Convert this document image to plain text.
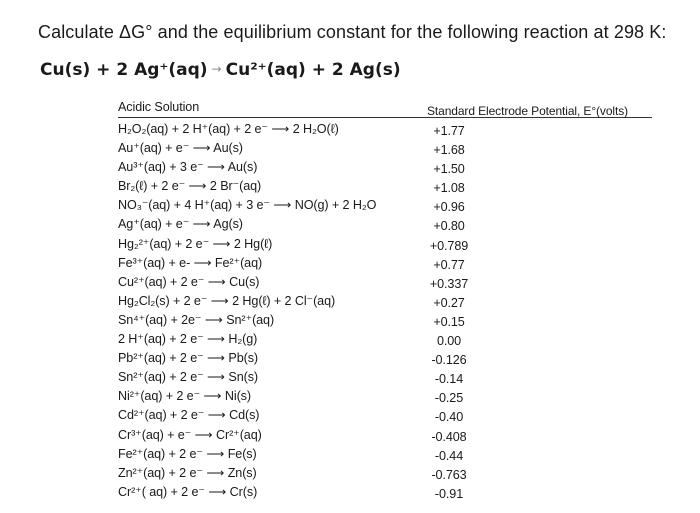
Calculate ΔG° and the equilibrium constant for the following reaction at 298 K:
Cu(s) + 2 Ag⁺(aq) → Cu²⁺(aq) + 2 Ag(s)
Acidic Solution	Standard Electrode Potential, E°(volts)
H₂O₂(aq) + 2 H⁺(aq) + 2 e⁻ ⟶ 2 H₂O(ℓ)	+1.77
Au⁺(aq) + e⁻ ⟶ Au(s)	+1.68
Au³⁺(aq) + 3 e⁻ ⟶ Au(s)	+1.50
Br₂(ℓ) + 2 e⁻ ⟶ 2 Br⁻(aq)	+1.08
NO₃⁻(aq) + 4 H⁺(aq) + 3 e⁻ ⟶ NO(g) + 2 H₂O	+0.96
Ag⁺(aq) + e⁻ ⟶ Ag(s)	+0.80
Hg₂²⁺(aq) + 2 e⁻ ⟶ 2 Hg(ℓ)	+0.789
Fe³⁺(aq) + e- ⟶ Fe²⁺(aq)	+0.77
Cu²⁺(aq) + 2 e⁻ ⟶ Cu(s)	+0.337
Hg₂Cl₂(s) + 2 e⁻ ⟶ 2 Hg(ℓ) + 2 Cl⁻(aq)	+0.27
Sn⁴⁺(aq) + 2e⁻ ⟶ Sn²⁺(aq)	+0.15
2 H⁺(aq) + 2 e⁻ ⟶ H₂(g)	0.00
Pb²⁺(aq) + 2 e⁻ ⟶ Pb(s)	-0.126
Sn²⁺(aq) + 2 e⁻ ⟶ Sn(s)	-0.14
Ni²⁺(aq) + 2 e⁻ ⟶ Ni(s)	-0.25
Cd²⁺(aq) + 2 e⁻ ⟶ Cd(s)	-0.40
Cr³⁺(aq) + e⁻ ⟶ Cr²⁺(aq)	-0.408
Fe²⁺(aq) + 2 e⁻ ⟶ Fe(s)	-0.44
Zn²⁺(aq) + 2 e⁻ ⟶ Zn(s)	-0.763
Cr²⁺( aq) + 2 e⁻ ⟶ Cr(s)	-0.91
